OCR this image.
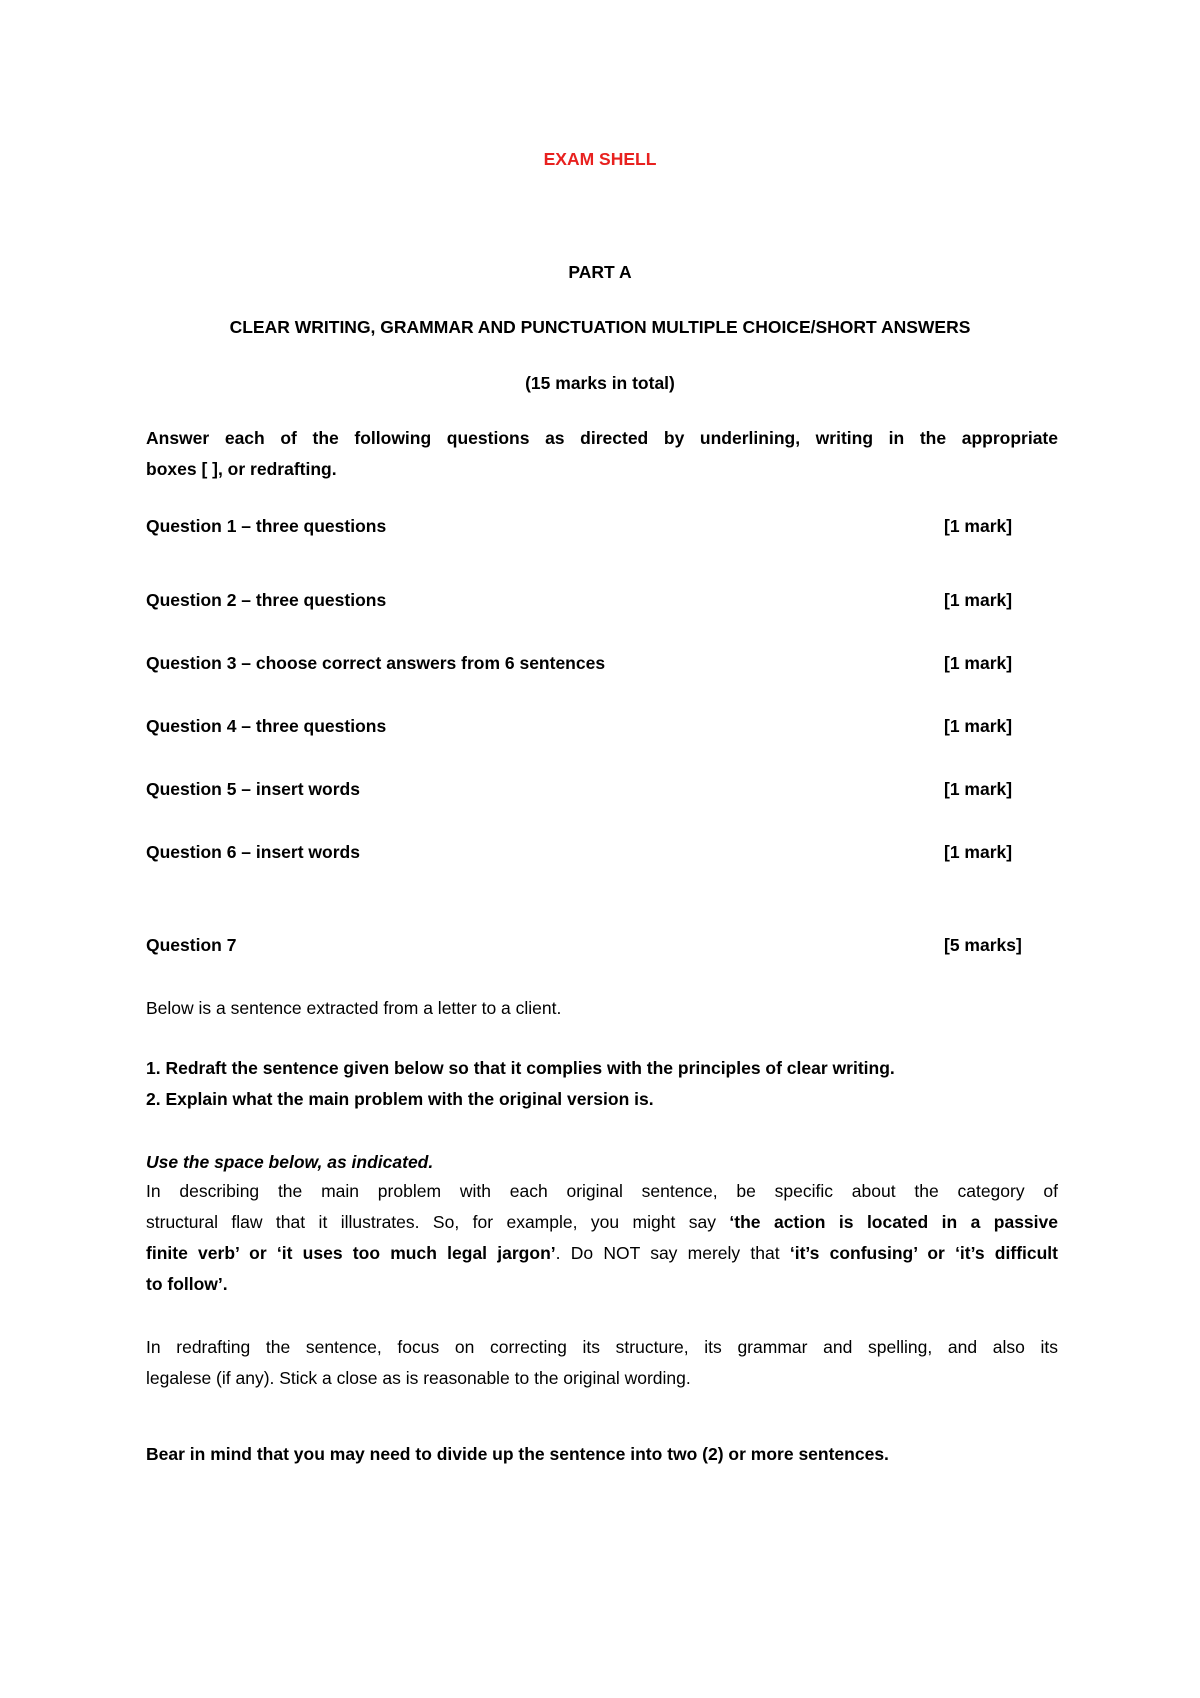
EXAM SHELL
PART A
CLEAR WRITING, GRAMMAR AND PUNCTUATION MULTIPLE CHOICE/SHORT ANSWERS
(15 marks in total)
Answer each of the following questions as directed by underlining, writing in the appropriate
boxes [ ], or redrafting.
Question 1 – three questions	[1 mark]
Question 2 – three questions	[1 mark]
Question 3 – choose correct answers from 6 sentences	[1 mark]
Question 4 – three questions	[1 mark]
Question 5 – insert words	[1 mark]
Question 6 – insert words	[1 mark]
Question 7	[5 marks]
Below is a sentence extracted from a letter to a client.
1. Redraft the sentence given below so that it complies with the principles of clear writing.
2. Explain what the main problem with the original version is.
Use the space below, as indicated.
In describing the main problem with each original sentence, be specific about the category of
structural flaw that it illustrates. So, for example, you might say ‘the action is located in a passive
finite verb’ or ‘it uses too much legal jargon’. Do NOT say merely that ‘it’s confusing’ or ‘it’s difficult
to follow’.
In redrafting the sentence, focus on correcting its structure, its grammar and spelling, and also its
legalese (if any). Stick a close as is reasonable to the original wording.
Bear in mind that you may need to divide up the sentence into two (2) or more sentences.
